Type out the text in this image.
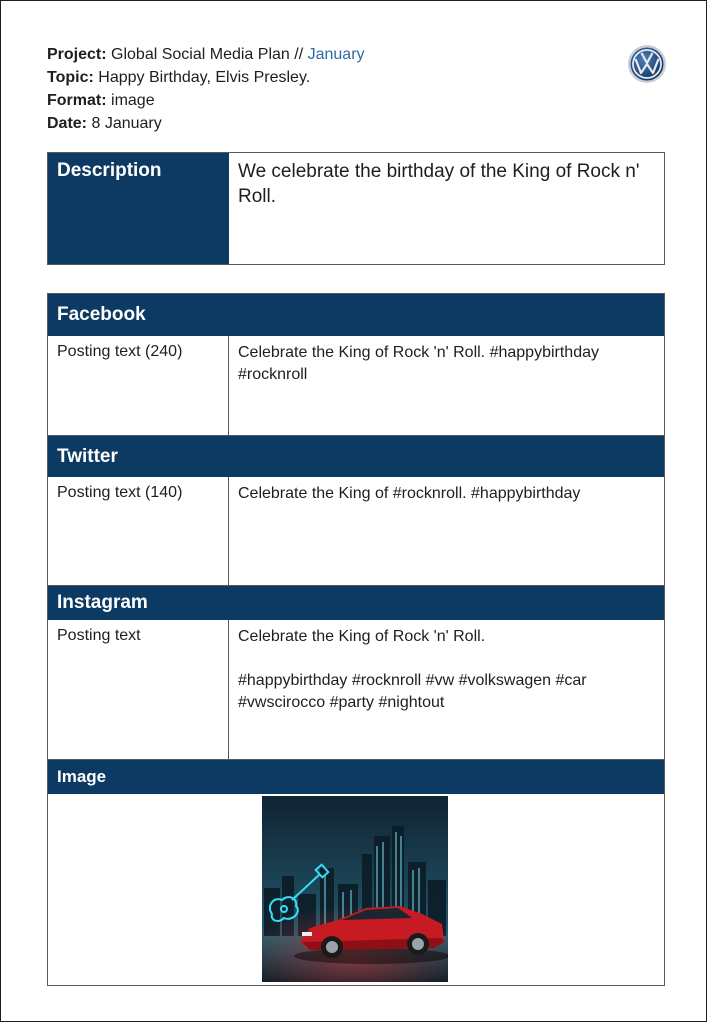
Project: Global Social Media Plan // January
Topic: Happy Birthday, Elvis Presley.
Format: image
Date: 8 January
Description	We celebrate the birthday of the King of Rock n' Roll.
Facebook
Posting text (240)	Celebrate the King of Rock 'n' Roll. #happybirthday #rocknroll
Twitter
Posting text (140)	Celebrate the King of #rocknroll. #happybirthday
Instagram
Posting text	Celebrate the King of Rock 'n' Roll.

#happybirthday #rocknroll #vw #volkswagen #car #vwscirocco #party #nightout

Image
